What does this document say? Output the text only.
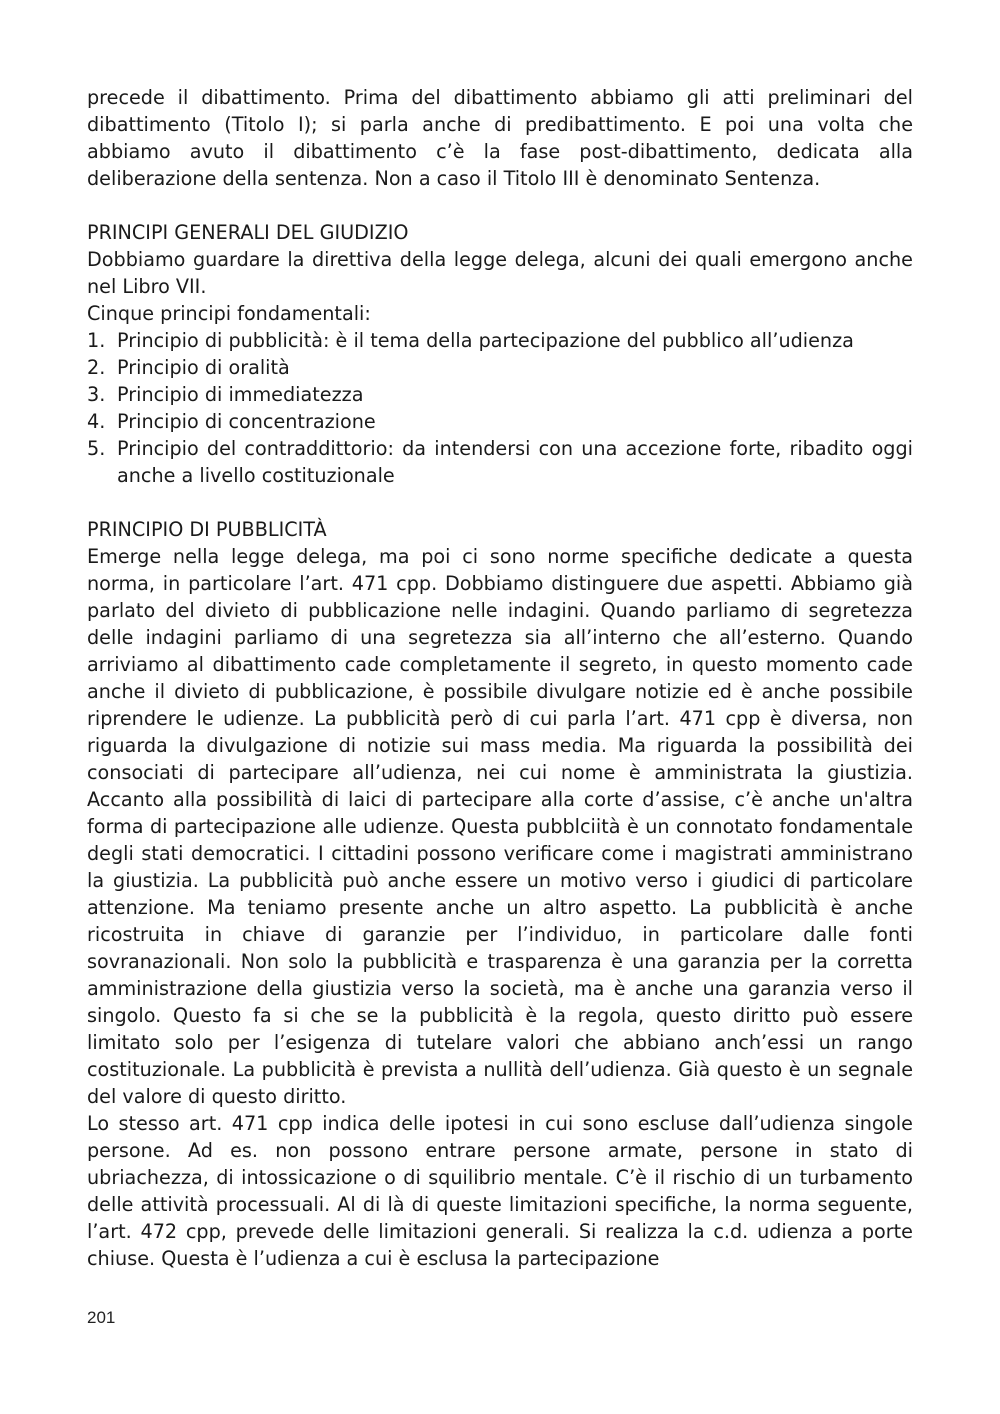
precede il dibattimento. Prima del dibattimento abbiamo gli atti preliminari del dibattimento (Titolo I); si parla anche di predibattimento. E poi una volta che abbiamo avuto il dibattimento c’è la fase post-dibattimento, dedicata alla deliberazione della sentenza. Non a caso il Titolo III è denominato Sentenza.

PRINCIPI GENERALI DEL GIUDIZIO

Dobbiamo guardare la direttiva della legge delega, alcuni dei quali emergono anche nel Libro VII.

Cinque principi fondamentali:

1. Principio di pubblicità: è il tema della partecipazione del pubblico all’udienza
2. Principio di oralità
3. Principio di immediatezza
4. Principio di concentrazione
5. Principio del contraddittorio: da intendersi con una accezione forte, ribadito oggi anche a livello costituzionale

PRINCIPIO DI PUBBLICITÀ

Emerge nella legge delega, ma poi ci sono norme specifiche dedicate a questa norma, in particolare l’art. 471 cpp. Dobbiamo distinguere due aspetti. Abbiamo già parlato del divieto di pubblicazione nelle indagini. Quando parliamo di segretezza delle indagini parliamo di una segretezza sia all’interno che all’esterno. Quando arriviamo al dibattimento cade completamente il segreto, in questo momento cade anche il divieto di pubblicazione, è possibile divulgare notizie ed è anche possibile riprendere le udienze. La pubblicità però di cui parla l’art. 471 cpp è diversa, non riguarda la divulgazione di notizie sui mass media. Ma riguarda la possibilità dei consociati di partecipare all’udienza, nei cui nome è amministrata la giustizia. Accanto alla possibilità di laici di partecipare alla corte d’assise, c’è anche un'altra forma di partecipazione alle udienze. Questa pubblciità è un connotato fondamentale degli stati democratici. I cittadini possono verificare come i magistrati amministrano la giustizia. La pubblicità può anche essere un motivo verso i giudici di particolare attenzione. Ma teniamo presente anche un altro aspetto. La pubblicità è anche ricostruita in chiave di garanzie per l’individuo, in particolare dalle fonti sovranazionali. Non solo la pubblicità e trasparenza è una garanzia per la corretta amministrazione della giustizia verso la società, ma è anche una garanzia verso il singolo. Questo fa si che se la pubblicità è la regola, questo diritto può essere limitato solo per l’esigenza di tutelare valori che abbiano anch’essi un rango costituzionale. La pubblicità è prevista a nullità dell’udienza. Già questo è un segnale del valore di questo diritto.

Lo stesso art. 471 cpp indica delle ipotesi in cui sono escluse dall’udienza singole persone. Ad es. non possono entrare persone armate, persone in stato di ubriachezza, di intossicazione o di squilibrio mentale. C’è il rischio di un turbamento delle attività processuali. Al di là di queste limitazioni specifiche, la norma seguente, l’art. 472 cpp, prevede delle limitazioni generali. Si realizza la c.d. udienza a porte chiuse. Questa è l’udienza a cui è esclusa la partecipazione

201
